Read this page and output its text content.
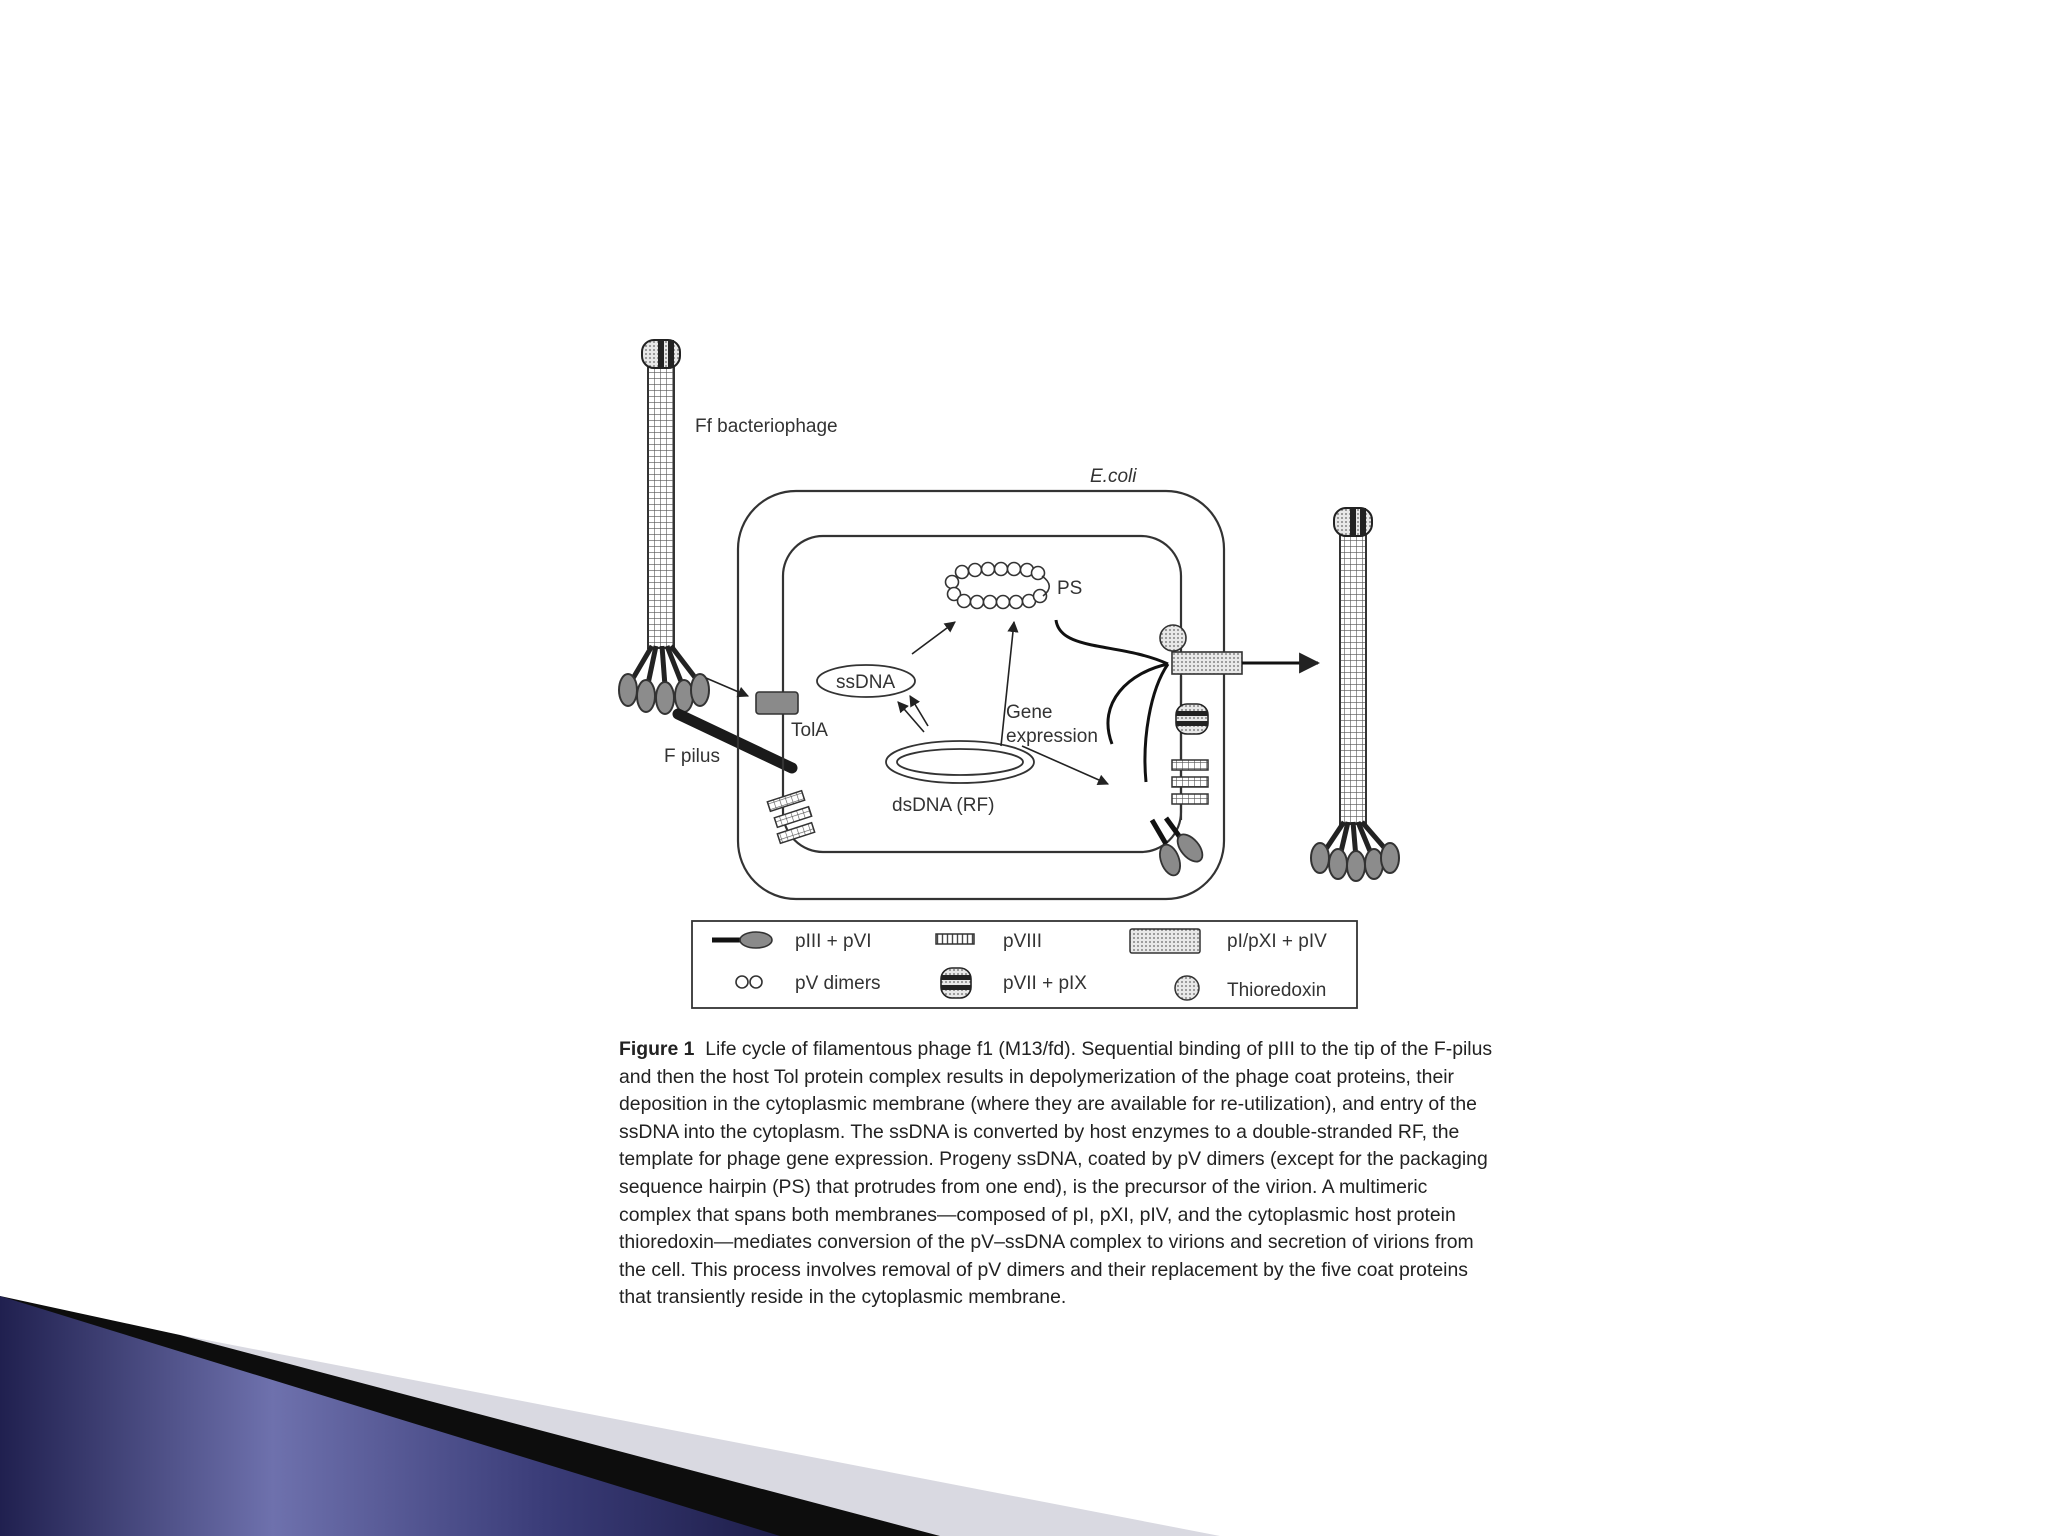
Ff bacteriophage
F pilus
E.coli
TolA
ssDNA
dsDNA (RF)
PS
Gene
expression
pIII + pVI	pVIII	pI/pXI + pIV
pV dimers	pVII + pIX	Thioredoxin
Figure 1 Life cycle of filamentous phage f1 (M13/fd). Sequential binding of pIII to the tip of the F-pilus and then the host Tol protein complex results in depolymerization of the phage coat proteins, their deposition in the cytoplasmic membrane (where they are available for re-utilization), and entry of the ssDNA into the cytoplasm. The ssDNA is converted by host enzymes to a double-stranded RF, the template for phage gene expression. Progeny ssDNA, coated by pV dimers (except for the packaging sequence hairpin (PS) that protrudes from one end), is the precursor of the virion. A multimeric complex that spans both membranes—composed of pI, pXI, pIV, and the cytoplasmic host protein thioredoxin—mediates conversion of the pV–ssDNA complex to virions and secretion of virions from the cell. This process involves removal of pV dimers and their replacement by the five coat proteins that transiently reside in the cytoplasmic membrane.
